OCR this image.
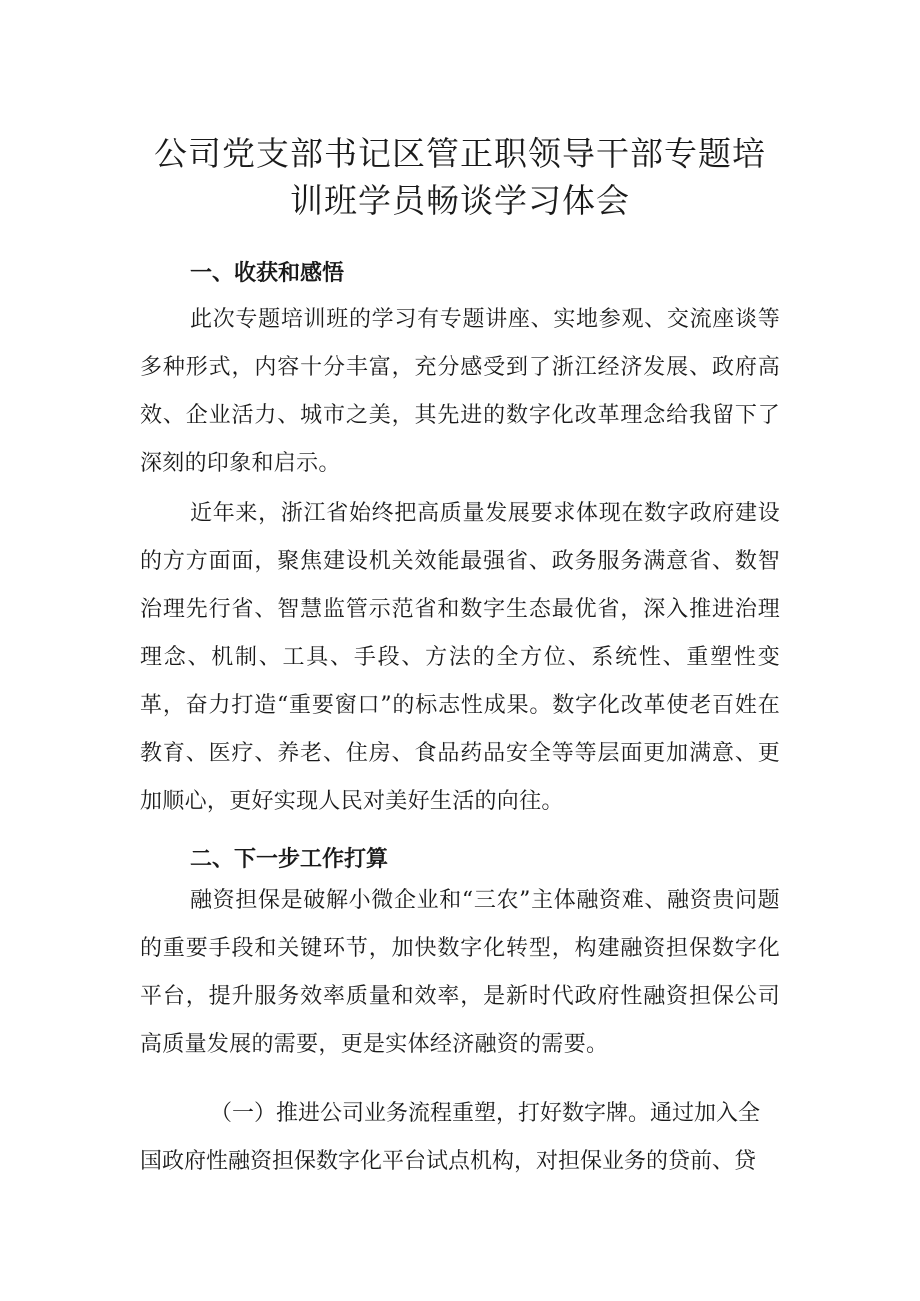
公司党支部书记区管正职领导干部专题培
训班学员畅谈学习体会
一、收获和感悟

此次专题培训班的学习有专题讲座、实地参观、交流座谈等多种形式，内容十分丰富，充分感受到了浙江经济发展、政府高效、企业活力、城市之美，其先进的数字化改革理念给我留下了深刻的印象和启示。

近年来，浙江省始终把高质量发展要求体现在数字政府建设的方方面面，聚焦建设机关效能最强省、政务服务满意省、数智治理先行省、智慧监管示范省和数字生态最优省，深入推进治理理念、机制、工具、手段、方法的全方位、系统性、重塑性变革，奋力打造“重要窗口”的标志性成果。数字化改革使老百姓在教育、医疗、养老、住房、食品药品安全等等层面更加满意、更加顺心，更好实现人民对美好生活的向往。

二、下一步工作打算

融资担保是破解小微企业和“三农”主体融资难、融资贵问题的重要手段和关键环节，加快数字化转型，构建融资担保数字化平台，提升服务效率质量和效率，是新时代政府性融资担保公司高质量发展的需要，更是实体经济融资的需要。

（一）推进公司业务流程重塑，打好数字牌。通过加入全

国政府性融资担保数字化平台试点机构，对担保业务的贷前、贷
